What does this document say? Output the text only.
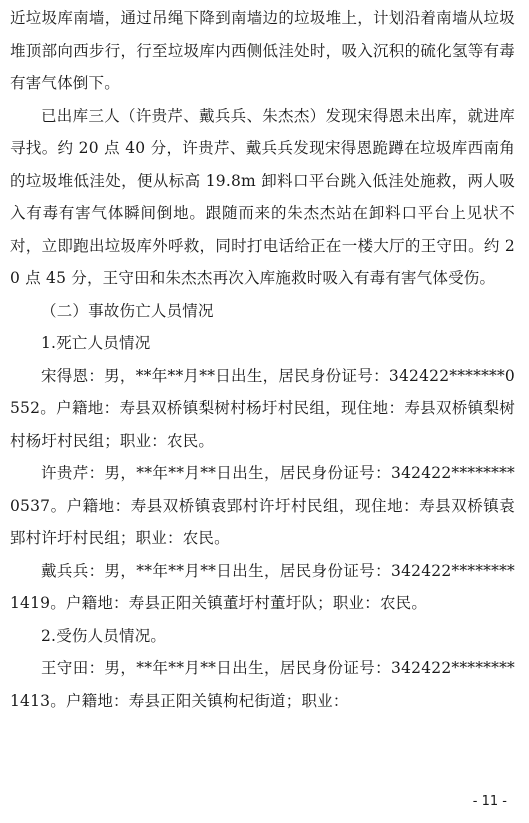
近垃圾库南墙，通过吊绳下降到南墙边的垃圾堆上，计划沿着南墙从垃圾堆顶部向西步行，行至垃圾库内西侧低洼处时，吸入沉积的硫化氢等有毒有害气体倒下。

已出库三人（许贵芹、戴兵兵、朱杰杰）发现宋得恩未出库，就进库寻找。约 20 点 40 分，许贵芹、戴兵兵发现宋得恩跪蹲在垃圾库西南角的垃圾堆低洼处，便从标高 19.8m 卸料口平台跳入低洼处施救，两人吸入有毒有害气体瞬间倒地。跟随而来的朱杰杰站在卸料口平台上见状不对，立即跑出垃圾库外呼救，同时打电话给正在一楼大厅的王守田。约 20 点 45 分，王守田和朱杰杰再次入库施救时吸入有毒有害气体受伤。

（二）事故伤亡人员情况

1.死亡人员情况

宋得恩：男，**年**月**日出生，居民身份证号：342422*******0552。户籍地：寿县双桥镇梨树村杨圩村民组，现住地：寿县双桥镇梨树村杨圩村民组；职业：农民。

许贵芹：男，**年**月**日出生，居民身份证号：342422********0537。户籍地：寿县双桥镇袁郢村许圩村民组，现住地：寿县双桥镇袁郢村许圩村民组；职业：农民。

戴兵兵：男，**年**月**日出生，居民身份证号：342422********1419。户籍地：寿县正阳关镇董圩村董圩队；职业：农民。

2.受伤人员情况。

王守田：男，**年**月**日出生，居民身份证号：342422********1413。户籍地：寿县正阳关镇枸杞街道；职业：

- 11 -
